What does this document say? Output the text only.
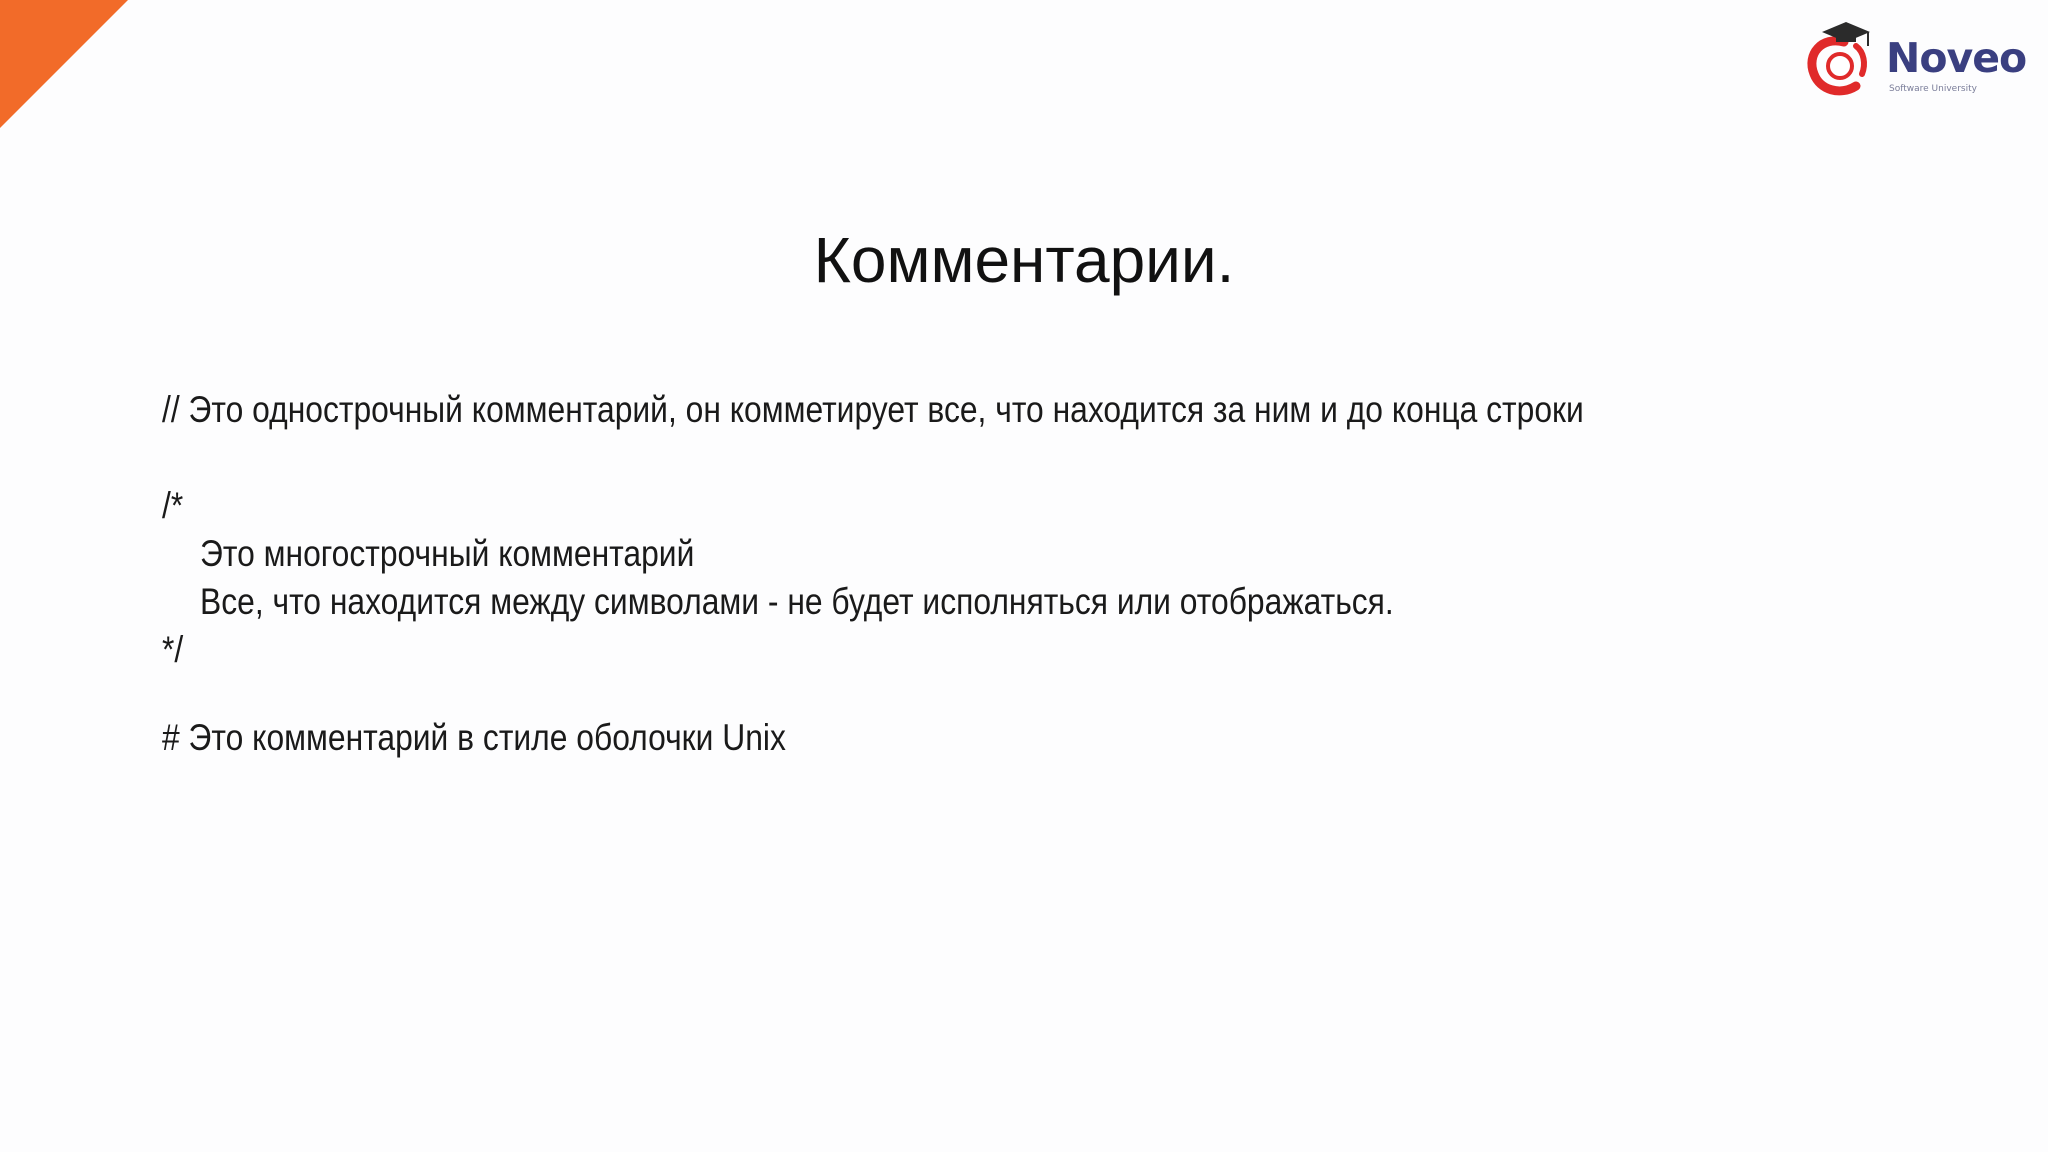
Noveo
Software University
Комментарии.
// Это однострочный комментарий, он комметирует все, что находится за ним и до конца строки
/*
Это многострочный комментарий
Все, что находится между символами - не будет исполняться или отображаться.
*/
# Это комментарий в стиле оболочки Unix
